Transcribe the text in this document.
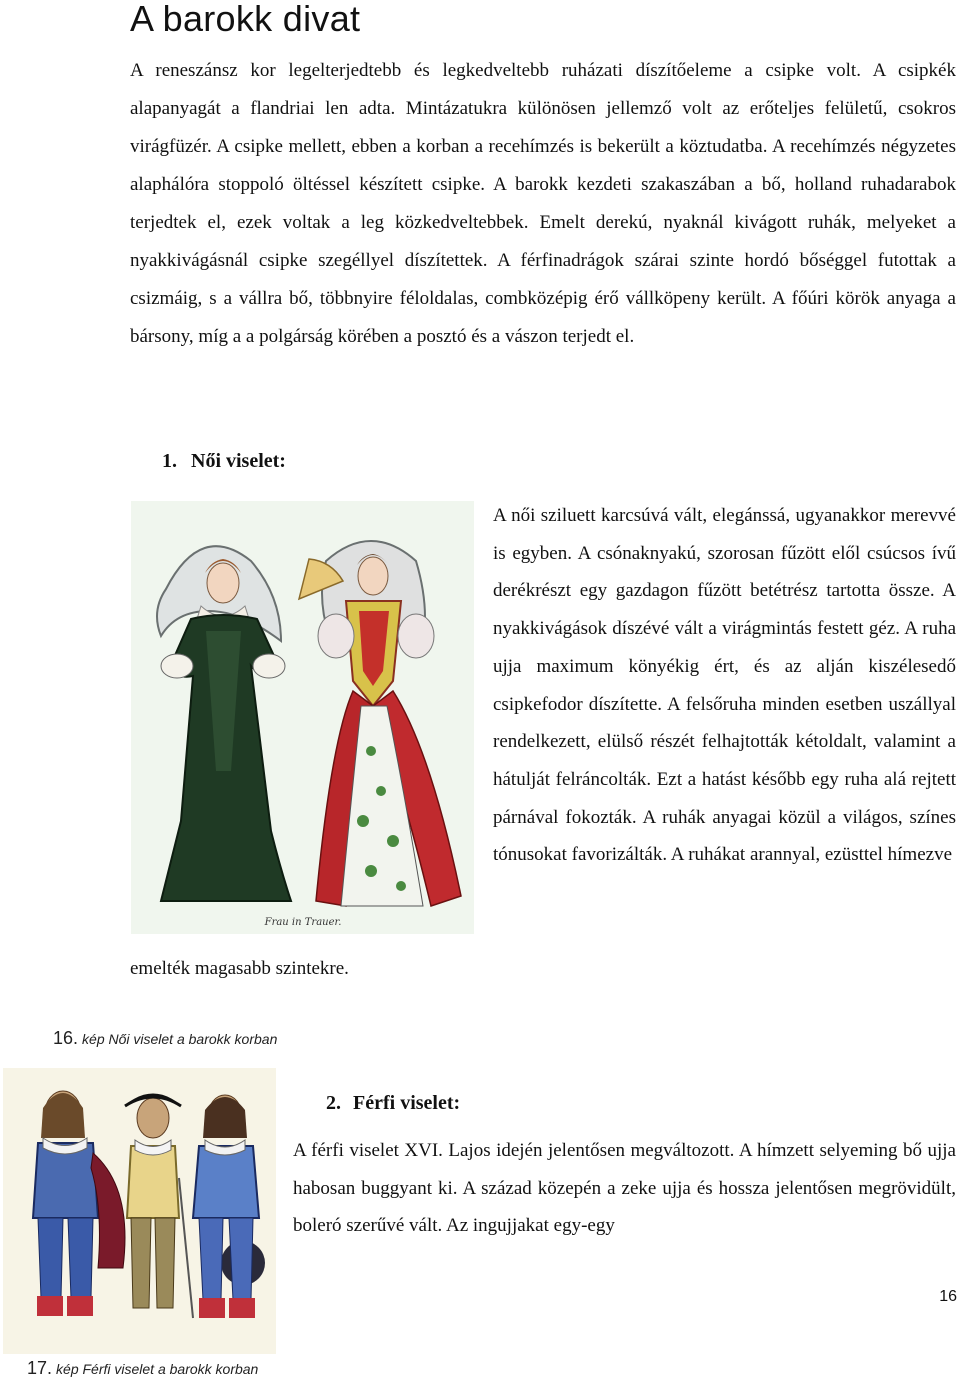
A barokk divat

A reneszánsz kor legelterjedtebb és legkedveltebb ruházati díszítőeleme a csipke volt. A csipkék alapanyagát a flandriai len adta. Mintázatukra különösen jellemző volt az erőteljes felületű, csokros virágfüzér. A csipke mellett, ebben a korban a recehímzés is bekerült a köztudatba. A recehímzés négyzetes alaphálóra stoppoló öltéssel készített csipke. A barokk kezdeti szakaszában a bő, holland ruhadarabok terjedtek el, ezek voltak a leg közkedveltebbek. Emelt derekú, nyaknál kivágott ruhák, melyeket a nyakkivágásnál csipke szegéllyel díszítettek. A férfinadrágok szárai szinte hordó bőséggel futottak a csizmáig, s a vállra bő, többnyire féloldalas, combközépig érő vállköpeny került. A főúri körök anyaga a bársony, míg a a polgárság körében a posztó és a vászon terjedt el.

1. Női viselet:
Frau in Trauer.

A női sziluett karcsúvá vált, elegánssá, ugyanakkor merevvé is egyben. A csónaknyakú, szorosan fűzött elől csúcsos ívű derékrészt egy gazdagon fűzött betétrész tartotta össze. A nyakkivágások díszévé vált a virágmintás festett géz. A ruha ujja maximum könyékig ért, és az alján kiszélesedő csipkefodor díszítette. A felsőruha minden esetben uszállyal rendelkezett, elülső részét felhajtották kétoldalt, valamint a hátulját felráncolták. Ezt a hatást később egy ruha alá rejtett párnával fokozták. A ruhák anyagai közül a világos, színes tónusokat favorizálták. A ruhákat arannyal, ezüsttel hímezve

emelték magasabb szintekre.

16. kép Női viselet a barokk korban
2. Férfi viselet:

A férfi viselet XVI. Lajos idején jelentősen megváltozott. A hímzett selyeming bő ujja habosan buggyant ki. A század közepén a zeke ujja és hossza jelentősen megrövidült, boleró szerűvé vált. Az ingujjakat egy-egy

16
17. kép Férfi viselet a barokk korban
